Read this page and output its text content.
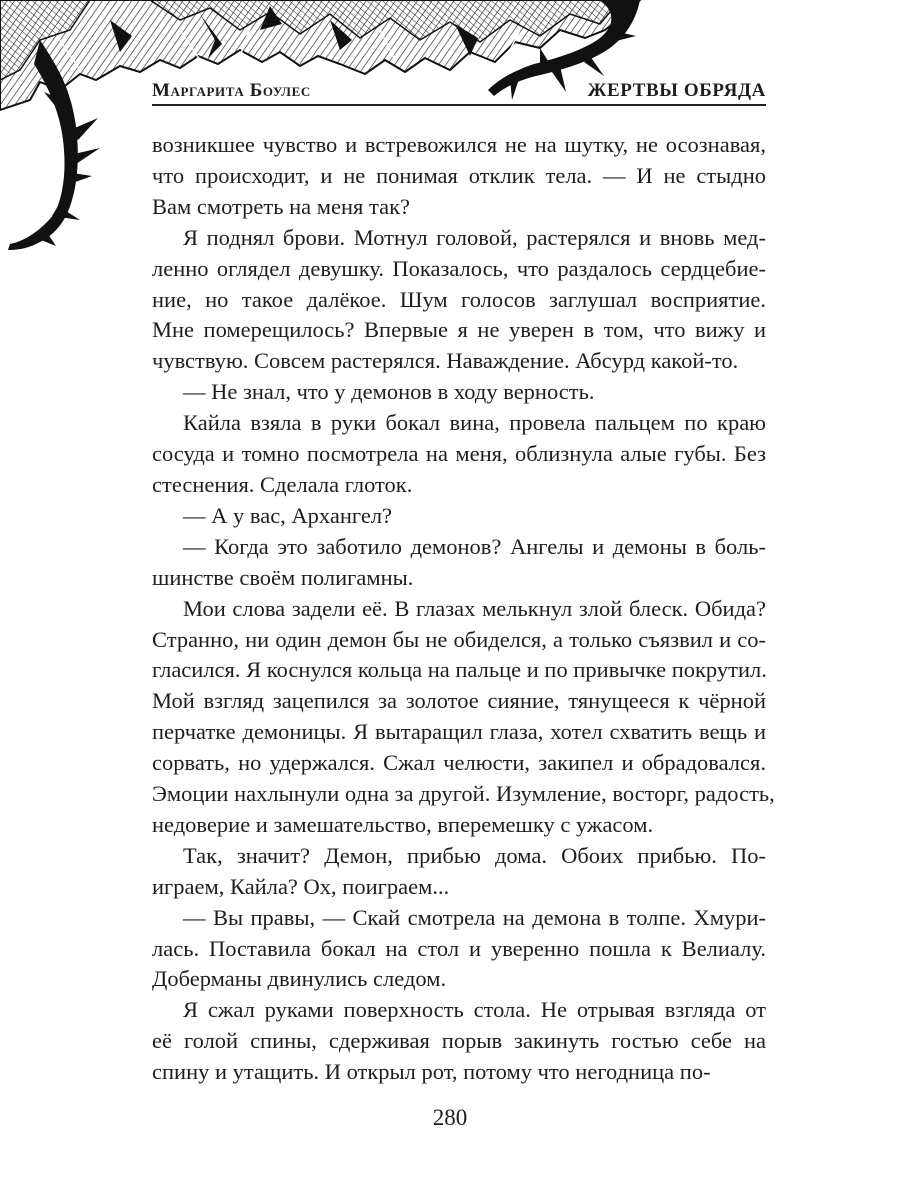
Маргарита Боулес	ЖЕРТВЫ ОБРЯДА

возникшее чувство и встревожился не на шутку, не осознавая,
что происходит, и не понимая отклик тела. — И не стыдно
Вам смотреть на меня так?

Я поднял брови. Мотнул головой, растерялся и вновь мед-
ленно оглядел девушку. Показалось, что раздалось сердцебие-
ние, но такое далёкое. Шум голосов заглушал восприятие.
Мне померещилось? Впервые я не уверен в том, что вижу и
чувствую. Совсем растерялся. Наваждение. Абсурд какой-то.

— Не знал, что у демонов в ходу верность.

Кайла взяла в руки бокал вина, провела пальцем по краю
сосуда и томно посмотрела на меня, облизнула алые губы. Без
стеснения. Сделала глоток.

— А у вас, Архангел?

— Когда это заботило демонов? Ангелы и демоны в боль-
шинстве своём полигамны.

Мои слова задели её. В глазах мелькнул злой блеск. Обида?
Странно, ни один демон бы не обиделся, а только съязвил и со-
гласился. Я коснулся кольца на пальце и по привычке покрутил.
Мой взгляд зацепился за золотое сияние, тянущееся к чёрной
перчатке демоницы. Я вытаращил глаза, хотел схватить вещь и
сорвать, но удержался. Сжал челюсти, закипел и обрадовался.
Эмоции нахлынули одна за другой. Изумление, восторг, радость,
недоверие и замешательство, вперемешку с ужасом.

Так, значит? Демон, прибью дома. Обоих прибью. По-
играем, Кайла? Ох, поиграем...

— Вы правы, — Скай смотрела на демона в толпе. Хмури-
лась. Поставила бокал на стол и уверенно пошла к Велиалу.
Доберманы двинулись следом.

Я сжал руками поверхность стола. Не отрывая взгляда от
её голой спины, сдерживая порыв закинуть гостью себе на
спину и утащить. И открыл рот, потому что негодница по-

280
